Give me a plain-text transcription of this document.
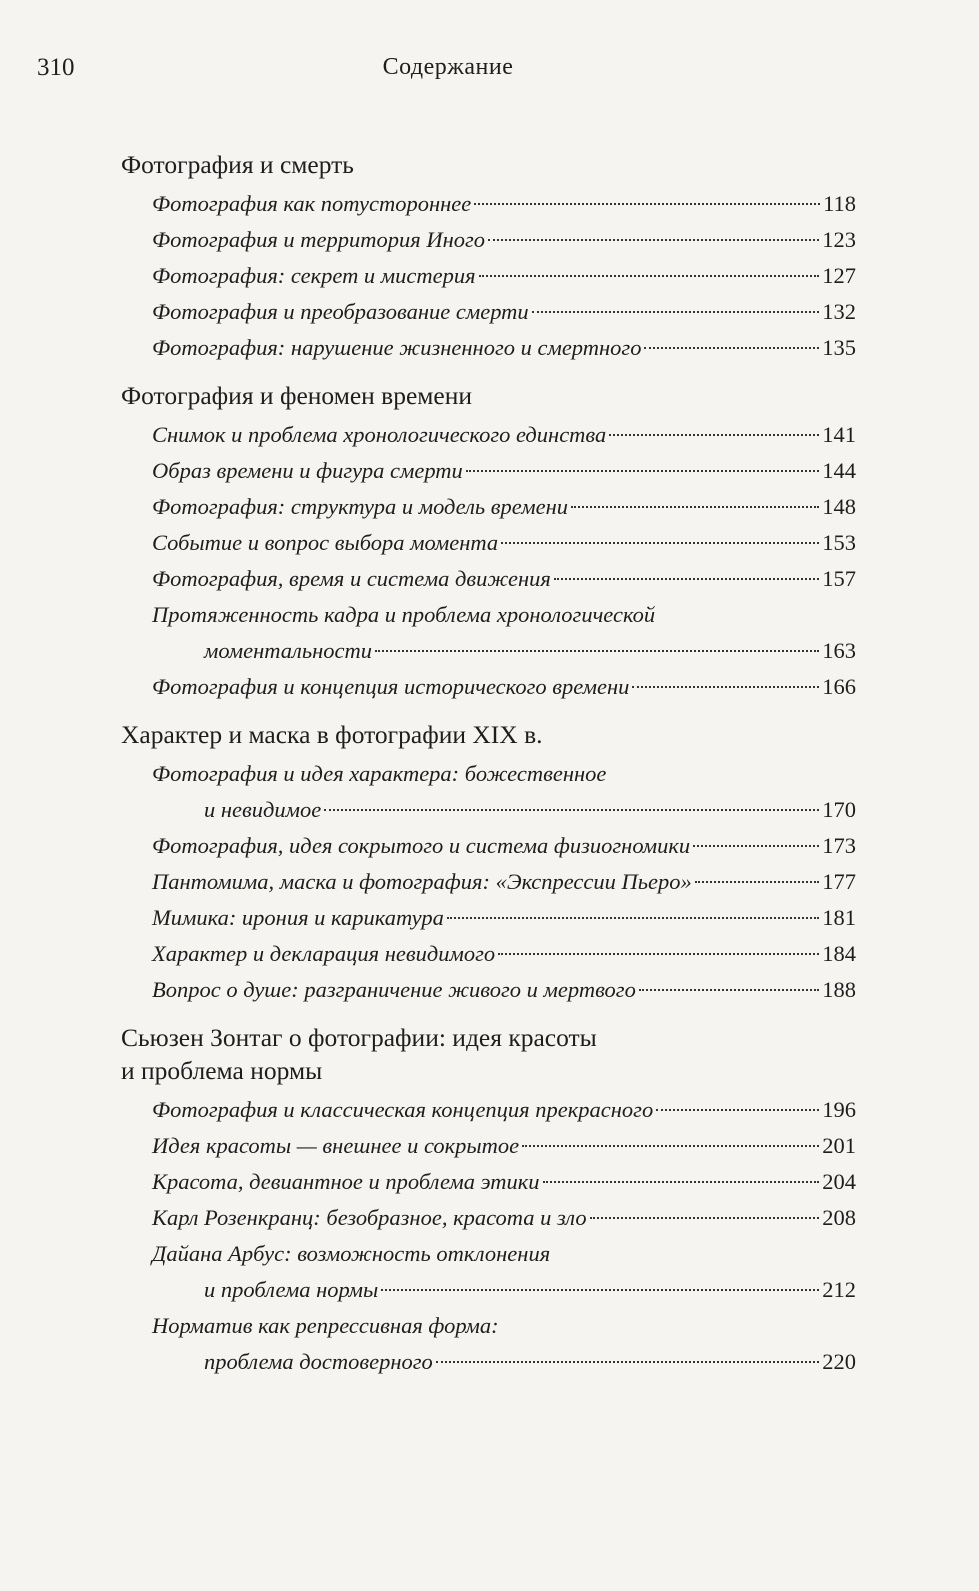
310	Содержание
Фотография и смерть
Фотография как потустороннее	118
Фотография и территория Иного	123
Фотография: секрет и мистерия	127
Фотография и преобразование смерти	132
Фотография: нарушение жизненного и смертного	135
Фотография и феномен времени
Снимок и проблема хронологического единства	141
Образ времени и фигура смерти	144
Фотография: структура и модель времени	148
Событие и вопрос выбора момента	153
Фотография, время и система движения	157
Протяженность кадра и проблема хронологической
моментальности	163
Фотография и концепция исторического времени	166
Характер и маска в фотографии XIX в.
Фотография и идея характера: божественное
и невидимое	170
Фотография, идея сокрытого и система физиогномики	173
Пантомима, маска и фотография: «Экспрессии Пьеро»	177
Мимика: ирония и карикатура	181
Характер и декларация невидимого	184
Вопрос о душе: разграничение живого и мертвого	188
Сьюзен Зонтаг о фотографии: идея красоты
и проблема нормы
Фотография и классическая концепция прекрасного	196
Идея красоты — внешнее и сокрытое	201
Красота, девиантное и проблема этики	204
Карл Розенкранц: безобразное, красота и зло	208
Дайана Арбус: возможность отклонения
и проблема нормы	212
Норматив как репрессивная форма:
проблема достоверного	220
